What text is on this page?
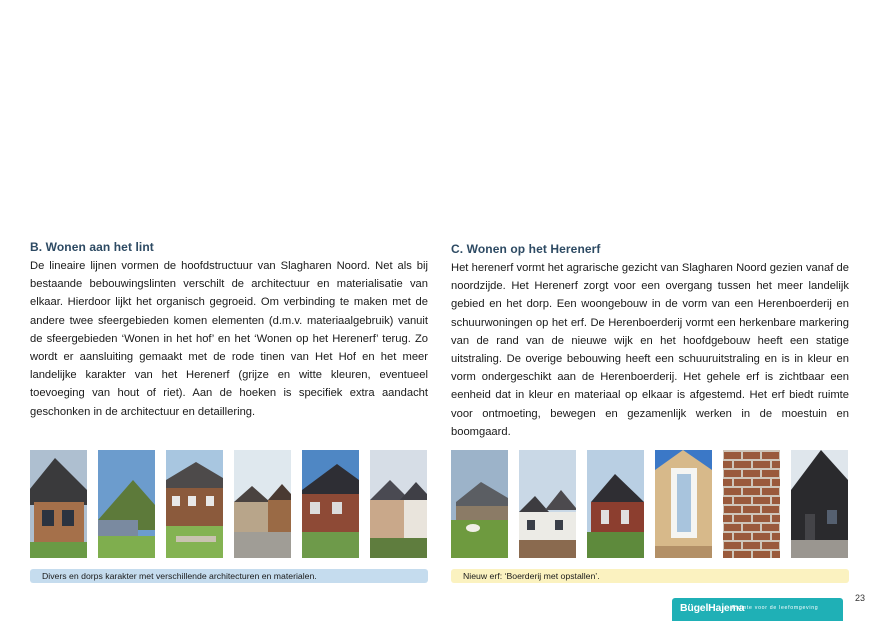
B. Wonen aan het lint

De lineaire lijnen vormen de hoofdstructuur van Slagharen Noord. Net als bij bestaande bebouwingslinten verschilt de architectuur en materialisatie van elkaar. Hierdoor lijkt het organisch gegroeid. Om verbinding te maken met de andere twee sfeergebieden komen elementen (d.m.v. materiaalgebruik) vanuit de sfeergebieden ‘Wonen in het hof’ en het ‘Wonen op het Herenerf’ terug. Zo wordt er aansluiting gemaakt met de rode tinen van Het Hof en het meer landelijke karakter van het Herenerf (grijze en witte kleuren, eventueel toevoeging van hout of riet). Aan de hoeken is specifiek extra aandacht geschonken in de architectuur en detaillering.

C. Wonen op het Herenerf

Het herenerf vormt het agrarische gezicht van Slagharen Noord gezien vanaf de noordzijde. Het Herenerf zorgt voor een overgang tussen het meer landelijk gebied en het dorp. Een woongebouw in de vorm van een Herenboerderij en schuurwoningen op het erf. De Herenboerderij vormt een herkenbare markering van de rand van de nieuwe wijk en het hoofdgebouw heeft een statige uitstraling. De overige bebouwing heeft een schuuruitstraling en is in kleur en vorm ondergeschikt aan de Herenboerderij. Het gehele erf is zichtbaar een eenheid dat in kleur en materiaal op elkaar is afgestemd. Het erf biedt ruimte voor ontmoeting, bewegen en gezamenlijk werken in de moestuin en boomgaard.

Divers en dorps karakter met verschillende architecturen en materialen.	Nieuw erf: ‘Boerderij met opstallen’.
23
BügelHajema
Ruimte voor de leefomgeving
